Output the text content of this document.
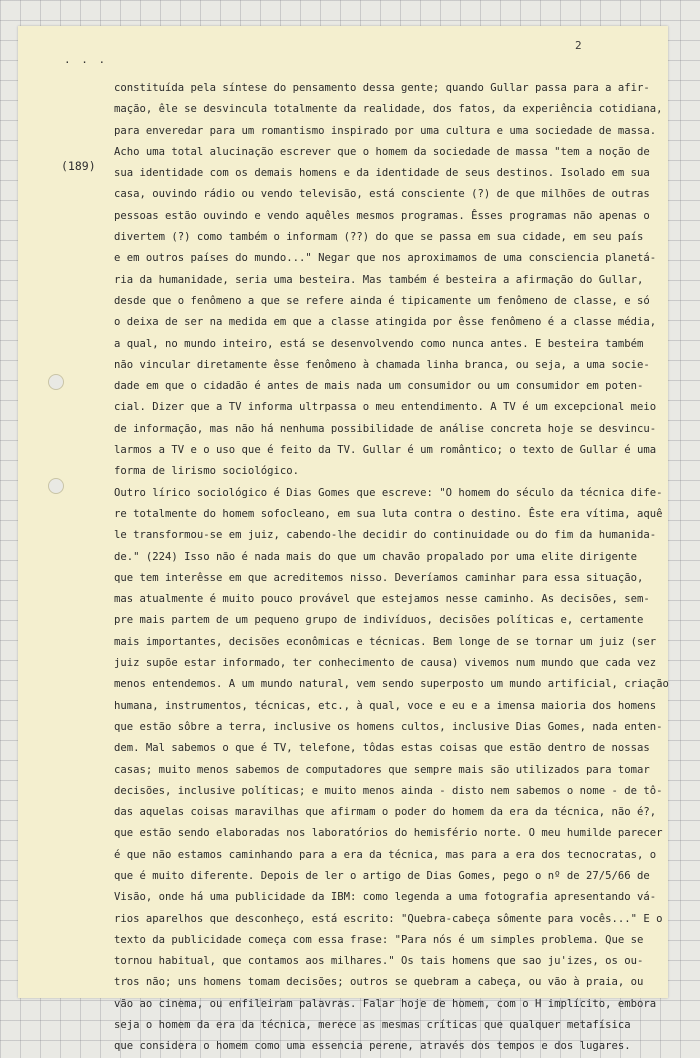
· · ·
2
(189)
constituída pela síntese do pensamento dessa gente; quando Gullar passa para a afir-
mação, êle se desvincula totalmente da realidade, dos fatos, da experiência cotidiana,
para enveredar para um romantismo inspirado por uma cultura e uma sociedade de massa.
Acho uma total alucinação escrever que o homem da sociedade de massa "tem a noção de
sua identidade com os demais homens e da identidade de seus destinos. Isolado em sua
casa, ouvindo rádio ou vendo televisão, está consciente (?) de que milhões de outras
pessoas estão ouvindo e vendo aquêles mesmos programas. Êsses programas não apenas o
divertem (?) como também o informam (??) do que se passa em sua cidade, em seu país
e em outros países do mundo..." Negar que nos aproximamos de uma consciencia planetá-
ria da humanidade, seria uma besteira. Mas também é besteira a afirmação do Gullar,
desde que o fenômeno a que se refere ainda é tipicamente um fenômeno de classe, e só
o deixa de ser na medida em que a classe atingida por êsse fenômeno é a classe média,
a qual, no mundo inteiro, está se desenvolvendo como nunca antes. E besteira também
não vincular diretamente êsse fenômeno à chamada linha branca, ou seja, a uma socie-
dade em que o cidadão é antes de mais nada um consumidor ou um consumidor em poten-
cial. Dizer que a TV informa ultrpassa o meu entendimento. A TV é um excepcional meio
de informação, mas não há nenhuma possibilidade de análise concreta hoje se desvincu-
larmos a TV e o uso que é feito da TV. Gullar é um romântico; o texto de Gullar é uma
forma de lirismo sociológico.
Outro lírico sociológico é Dias Gomes que escreve: "O homem do século da técnica dife-
re totalmente do homem sofocleano, em sua luta contra o destino. Êste era vítima, aquê
le transformou-se em juiz, cabendo-lhe decidir do continuidade ou do fim da humanida-
de." (224) Isso não é nada mais do que um chavão propalado por uma elite dirigente
que tem interêsse em que acreditemos nisso. Deveríamos caminhar para essa situação,
mas atualmente é muito pouco provável que estejamos nesse caminho. As decisões, sem-
pre mais partem de um pequeno grupo de indivíduos, decisões políticas e, certamente
mais importantes, decisões econômicas e técnicas. Bem longe de se tornar um juiz (ser
juiz supõe estar informado, ter conhecimento de causa) vivemos num mundo que cada vez
menos entendemos. A um mundo natural, vem sendo superposto um mundo artificial, criação
humana, instrumentos, técnicas, etc., à qual, voce e eu e a imensa maioria dos homens
que estão sôbre a terra, inclusive os homens cultos, inclusive Dias Gomes, nada enten-
dem. Mal sabemos o que é TV, telefone, tôdas estas coisas que estão dentro de nossas
casas; muito menos sabemos de computadores que sempre mais são utilizados para tomar
decisões, inclusive políticas; e muito menos ainda - disto nem sabemos o nome - de tô-
das aquelas coisas maravilhas que afirmam o poder do homem da era da técnica, não é?,
que estão sendo elaboradas nos laboratórios do hemisfério norte. O meu humilde parecer
é que não estamos caminhando para a era da técnica, mas para a era dos tecnocratas, o
que é muito diferente. Depois de ler o artigo de Dias Gomes, pego o nº de 27/5/66 de
Visão, onde há uma publicidade da IBM: como legenda a uma fotografia apresentando vá-
rios aparelhos que desconheço, está escrito: "Quebra-cabeça sômente para vocês..." E o
texto da publicidade começa com essa frase: "Para nós é um simples problema. Que se
tornou habitual, que contamos aos milhares." Os tais homens que sao ju'izes, os ou-
tros não; uns homens tomam decisões; outros se quebram a cabeça, ou vão à praia, ou
vão ao cinema, ou enfileiram palavras. Falar hoje de homem, com o H implícito, embora
seja o homem da era da técnica, merece as mesmas críticas que qualquer metafísica
que considera o homem como uma essencia perene, através dos tempos e dos lugares.
